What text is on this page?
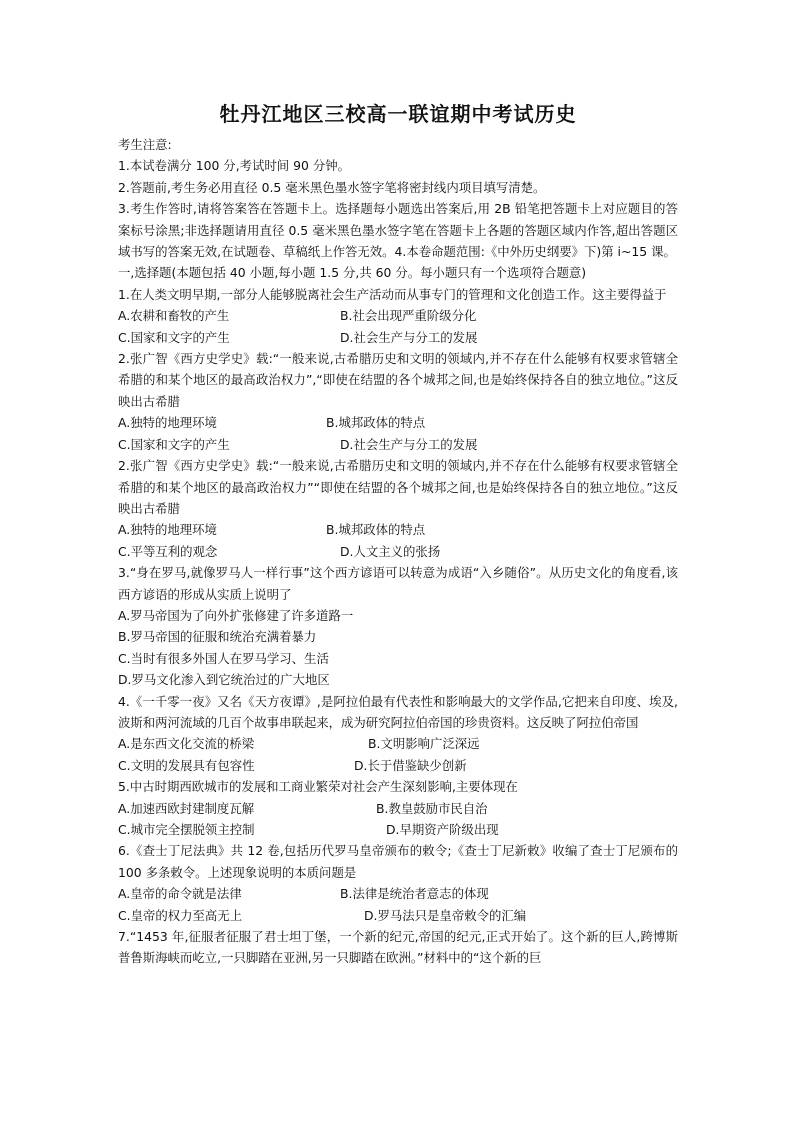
牡丹江地区三校高一联谊期中考试历史

考生注意:

1.本试卷满分 100 分,考试时间 90 分钟。

2.答题前,考生务必用直径 0.5 毫米黑色墨水签字笔将密封线内项目填写清楚。

3.考生作答时,请将答案答在答题卡上。选择题每小题选出答案后,用 2B 铅笔把答题卡上对应题目的答案标号涂黑;非选择题请用直径 0.5 毫米黑色墨水签字笔在答题卡上各题的答题区域内作答,超出答题区域书写的答案无效,在试题卷、草稿纸上作答无效。4.本卷命题范围:《中外历史纲要》下)第 i~15 课。

一,选择题(本题包括 40 小题,每小题 1.5 分,共 60 分。每小题只有一个选项符合题意)

1.在人类文明早期,一部分人能够脱离社会生产活动而从事专门的管理和文化创造工作。这主要得益于

A.农耕和畜牧的产生	B.社会出现严重阶级分化
C.国家和文字的产生	D.社会生产与分工的发展

2.张广智《西方史学史》载:“一般来说,古希腊历史和文明的领域内,并不存在什么能够有权要求管辖全希腊的和某个地区的最高政治权力”,“即使在结盟的各个城邦之间,也是始终保持各自的独立地位。”这反映出古希腊

A.独特的地理环境	B.城邦政体的特点
C.国家和文字的产生	D.社会生产与分工的发展

2.张广智《西方史学史》载:“一般来说,古希腊历史和文明的领域内,并不存在什么能够有权要求管辖全希腊的和某个地区的最高政治权力”“即使在结盟的各个城邦之间,也是始终保持各自的独立地位。”这反映出古希腊

A.独特的地理环境	B.城邦政体的特点
C.平等互利的观念	D.人文主义的张扬

3.“身在罗马,就像罗马人一样行事”这个西方谚语可以转意为成语“入乡随俗”。从历史文化的角度看,该西方谚语的形成从实质上说明了

A.罗马帝国为了向外扩张修建了许多道路一

B.罗马帝国的征服和统治充满着暴力

C.当时有很多外国人在罗马学习、生活

D.罗马文化渗入到它统治过的广大地区

4.《一千零一夜》又名《天方夜谭》,是阿拉伯最有代表性和影响最大的文学作品,它把来自印度、埃及,波斯和两河流域的几百个故事串联起来，成为研究阿拉伯帝国的珍贵资料。这反映了阿拉伯帝国

A.是东西文化交流的桥梁	B.文明影响广泛深远
C.文明的发展具有包容性	D.长于借鉴缺少创新

5.中古时期西欧城市的发展和工商业繁荣对社会产生深刻影响,主要体现在

A.加速西欧封建制度瓦解	B.教皇鼓励市民自治
C.城市完全摆脱领主控制	D.早期资产阶级出现

6.《查士丁尼法典》共 12 卷,包括历代罗马皇帝颁布的敕令;《查士丁尼新敕》收编了查士丁尼颁布的 100 多条敕令。上述现象说明的本质问题是

A.皇帝的命令就是法律	B.法律是统治者意志的体现
C.皇帝的权力至高无上	D.罗马法只是皇帝敕令的汇编

7.“1453 年,征服者征服了君士坦丁堡，一个新的纪元,帝国的纪元,正式开始了。这个新的巨人,跨博斯普鲁斯海峡而屹立,一只脚踏在亚洲,另一只脚踏在欧洲。”材料中的“这个新的巨
